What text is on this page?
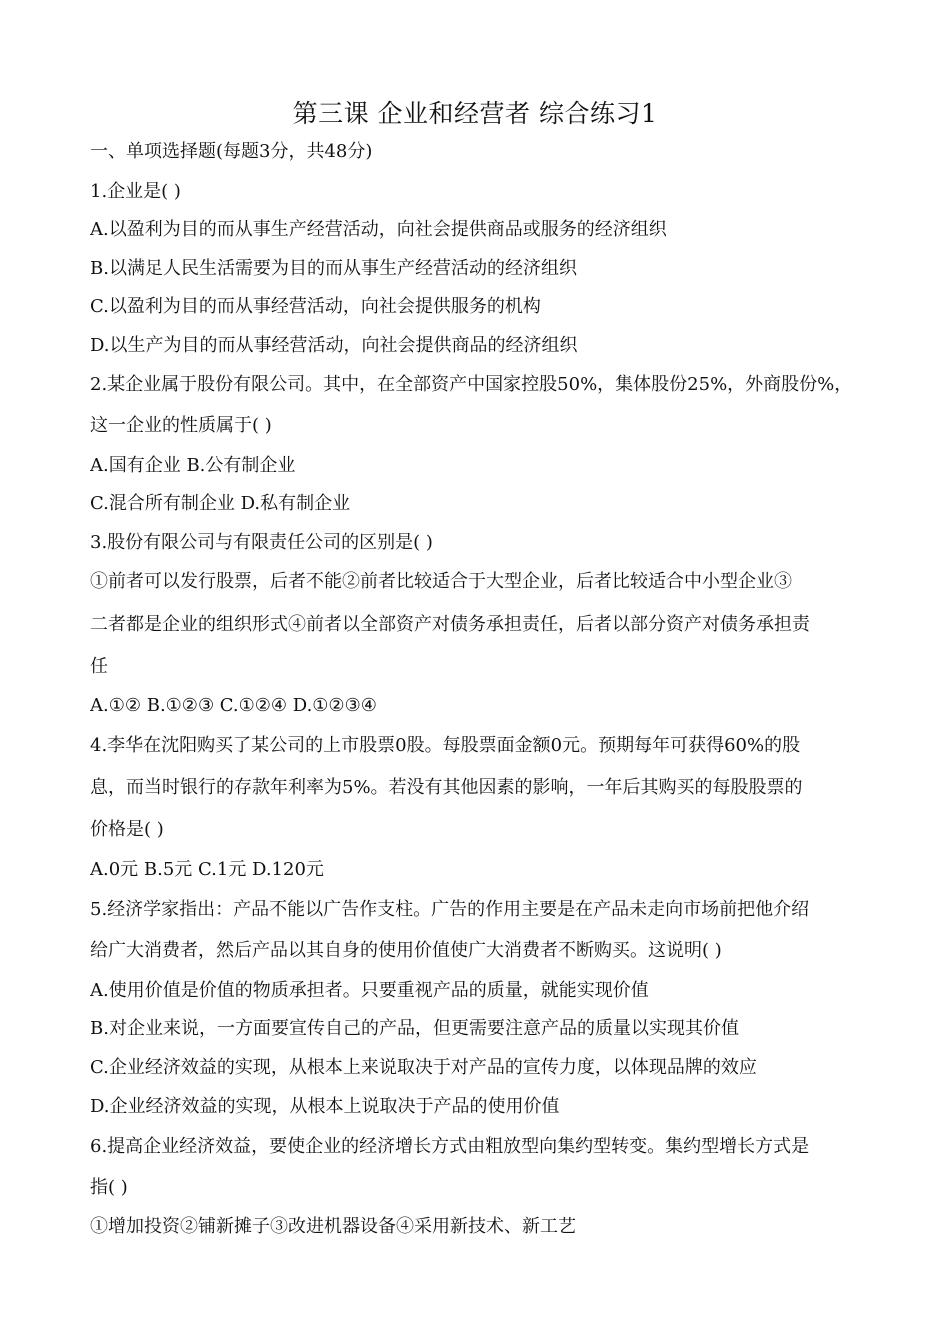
第三课 企业和经营者 综合练习1
一、单项选择题(每题3分，共48分)
1.企业是( )
A.以盈利为目的而从事生产经营活动，向社会提供商品或服务的经济组织
B.以满足人民生活需要为目的而从事生产经营活动的经济组织
C.以盈利为目的而从事经营活动，向社会提供服务的机构
D.以生产为目的而从事经营活动，向社会提供商品的经济组织
2.某企业属于股份有限公司。其中，在全部资产中国家控股50%，集体股份25%，外商股份%，
这一企业的性质属于( )
A.国有企业 B.公有制企业
C.混合所有制企业 D.私有制企业
3.股份有限公司与有限责任公司的区别是( )
①前者可以发行股票，后者不能②前者比较适合于大型企业，后者比较适合中小型企业③
二者都是企业的组织形式④前者以全部资产对债务承担责任，后者以部分资产对债务承担责
任
A.①② B.①②③ C.①②④ D.①②③④
4.李华在沈阳购买了某公司的上市股票0股。每股票面金额0元。预期每年可获得60%的股
息，而当时银行的存款年利率为5%。若没有其他因素的影响，一年后其购买的每股股票的
价格是( )
A.0元 B.5元 C.1元 D.120元
5.经济学家指出：产品不能以广告作支柱。广告的作用主要是在产品未走向市场前把他介绍
给广大消费者，然后产品以其自身的使用价值使广大消费者不断购买。这说明( )
A.使用价值是价值的物质承担者。只要重视产品的质量，就能实现价值
B.对企业来说，一方面要宣传自己的产品，但更需要注意产品的质量以实现其价值
C.企业经济效益的实现，从根本上来说取决于对产品的宣传力度，以体现品牌的效应
D.企业经济效益的实现，从根本上说取决于产品的使用价值
6.提高企业经济效益，要使企业的经济增长方式由粗放型向集约型转变。集约型增长方式是
指( )
①增加投资②铺新摊子③改进机器设备④采用新技术、新工艺
